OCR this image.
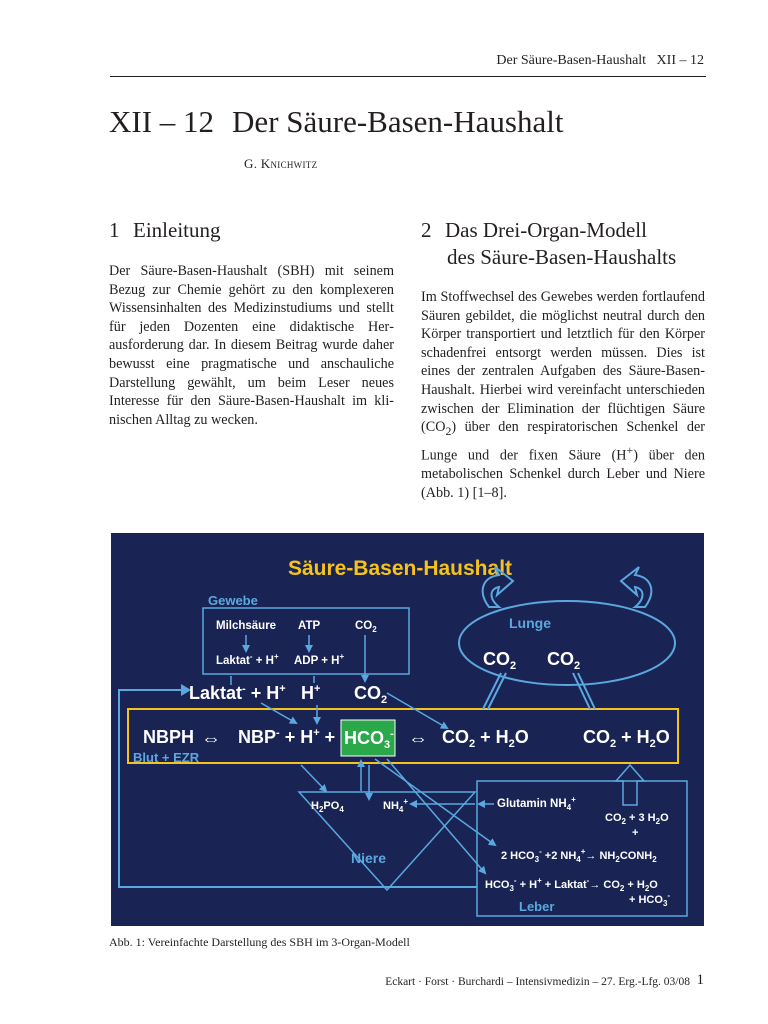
Der Säure-Basen-Haushalt   XII – 12
XII – 12 Der Säure-Basen-Haushalt
G. Knichwitz
1 Einleitung
Der Säure-Basen-Haushalt (SBH) mit seinem Bezug zur Chemie gehört zu den komplexeren Wissensinhalten des Medizinstudiums und stellt für jeden Dozenten eine didaktische Herausforderung dar. In diesem Beitrag wurde daher bewusst eine pragmatische und anschauliche Darstellung gewählt, um beim Leser neues Interesse für den Säure-Basen-Haushalt im klinischen Alltag zu wecken.
2 Das Drei-Organ-Modell
des Säure-Basen-Haushalts
Im Stoffwechsel des Gewebes werden fortlaufend Säuren gebildet, die möglichst neutral durch den Körper transportiert und letztlich für den Körper schadenfrei entsorgt werden müssen. Dies ist eines der zentralen Aufgaben des Säure-Basen-Haushalt. Hierbei wird vereinfacht unterschieden zwischen der Elimination der flüchtigen Säure $(CO_2)$ über den respiratorischen Schenkel der Lunge und der fixen Säure (H+) über den metabolischen Schenkel durch Leber und Niere (Abb. 1) [1–8].
Säure-Basen-Haushalt
Gewebe
Milchsäure ATP	$CO_2$
Laktat- + H+ ADP + H+
Lunge
$CO_2$ $CO_2$
Laktat- + H+ H+ $CO_2$
NBPH ⇔ $NBP^- + H^+ + HCO_3^-$ ⇔ $CO_2 + H_2O$	$CO_2 + H_2O$
Blut + EZR
$H_2PO_4$	$NH_4^+$
Niere
Glutamin $NH_4^+$
$CO_2 + 3$ $H_2O$
+
2 $HCO_3^- +2$ $NH_4^+\to$ $NH_2CONH_2$
$HCO_3^- + H^+$ + Laktat-→ $CO_2 + H_2O$
+ $HCO_3^-$
Leber
Abb. 1: Vereinfachte Darstellung des SBH im 3-Organ-Modell
Eckart · Forst · Burchardi – Intensivmedizin – 27. Erg.-Lfg. 03/08 1
